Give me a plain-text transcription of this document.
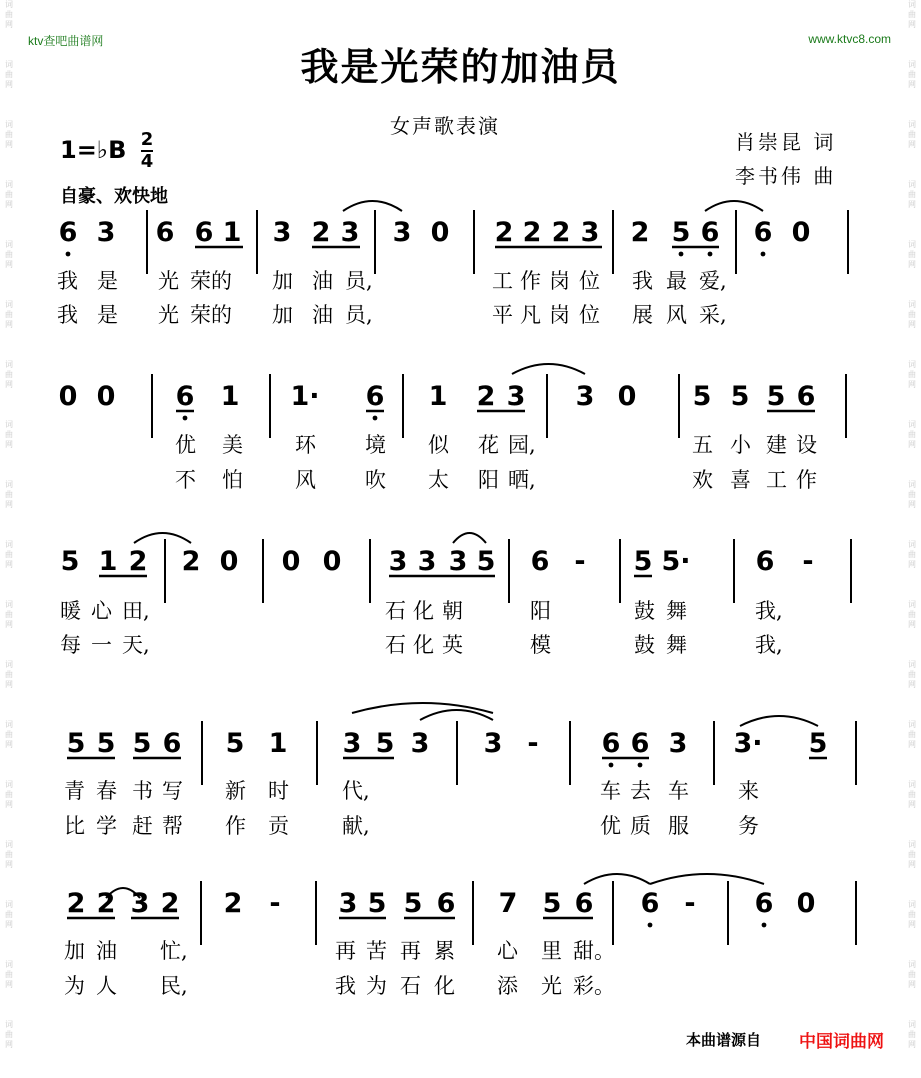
词
曲
网
词
曲
网
词
曲
网
词
曲
网
词
曲
网
词
曲
网
词
曲
网
词
曲
网
词
曲
网
词
曲
网
词
曲
网
词
曲
网
词
曲
网
词
曲
网
词
曲
网
词
曲
网
词
曲
网
词
曲
网
词
曲
网
词
曲
网
词
曲
网
词
曲
网
词
曲
网
词
曲
网
词
曲
网
词
曲
网
词
曲
网
词
曲
网
词
曲
网
词
曲
网
词
曲
网
词
曲
网
词
曲
网
词
曲
网
词
曲
网
词
曲
网
ktv查吧曲谱网	www.ktvc8.com
我是光荣的加油员
女声歌表演
1=♭B $\frac{2}{4}$
自豪、欢快地
肖崇昆 词
李书伟 曲
6 3 6 6 1 3 2 3 3 0 2 2 2 3 2 5 6 6 0
我 是 光 荣的 加 油 员,	工 作 岗 位 我 最 爱,
我 是 光 荣的 加 油 员,	平 凡 岗 位 展 风 采,
0 0 6 1 1· 6 1 2 3 3 0 5 5 5 6
优 美 环 境 似 花 园,	五 小 建 设
不 怕 风 吹 太 阳 晒,	欢 喜 工 作
5 1 2 2 0 0 0 3 3 3 5 6 - 5 5· 6 -
暖 心 田,	石 化 朝	阳	鼓 舞	我,
每 一 天,	石 化 英	模	鼓 舞	我,
5 5 5 6 5 1 3 5 3 3 - 6 6 3 3· 5
青 春 书 写 新 时	代,	车 去 车 来
比 学 赶 帮 作 贡	献,	优 质 服 务
2 2 3 2 2 - 3 5 5 6 7 5 6 6 - 6 0
加 油 忙,	再 苦 再 累 心 里 甜。
为 人 民,	我 为 石 化 添 光 彩。
本曲谱源自 中国词曲网
